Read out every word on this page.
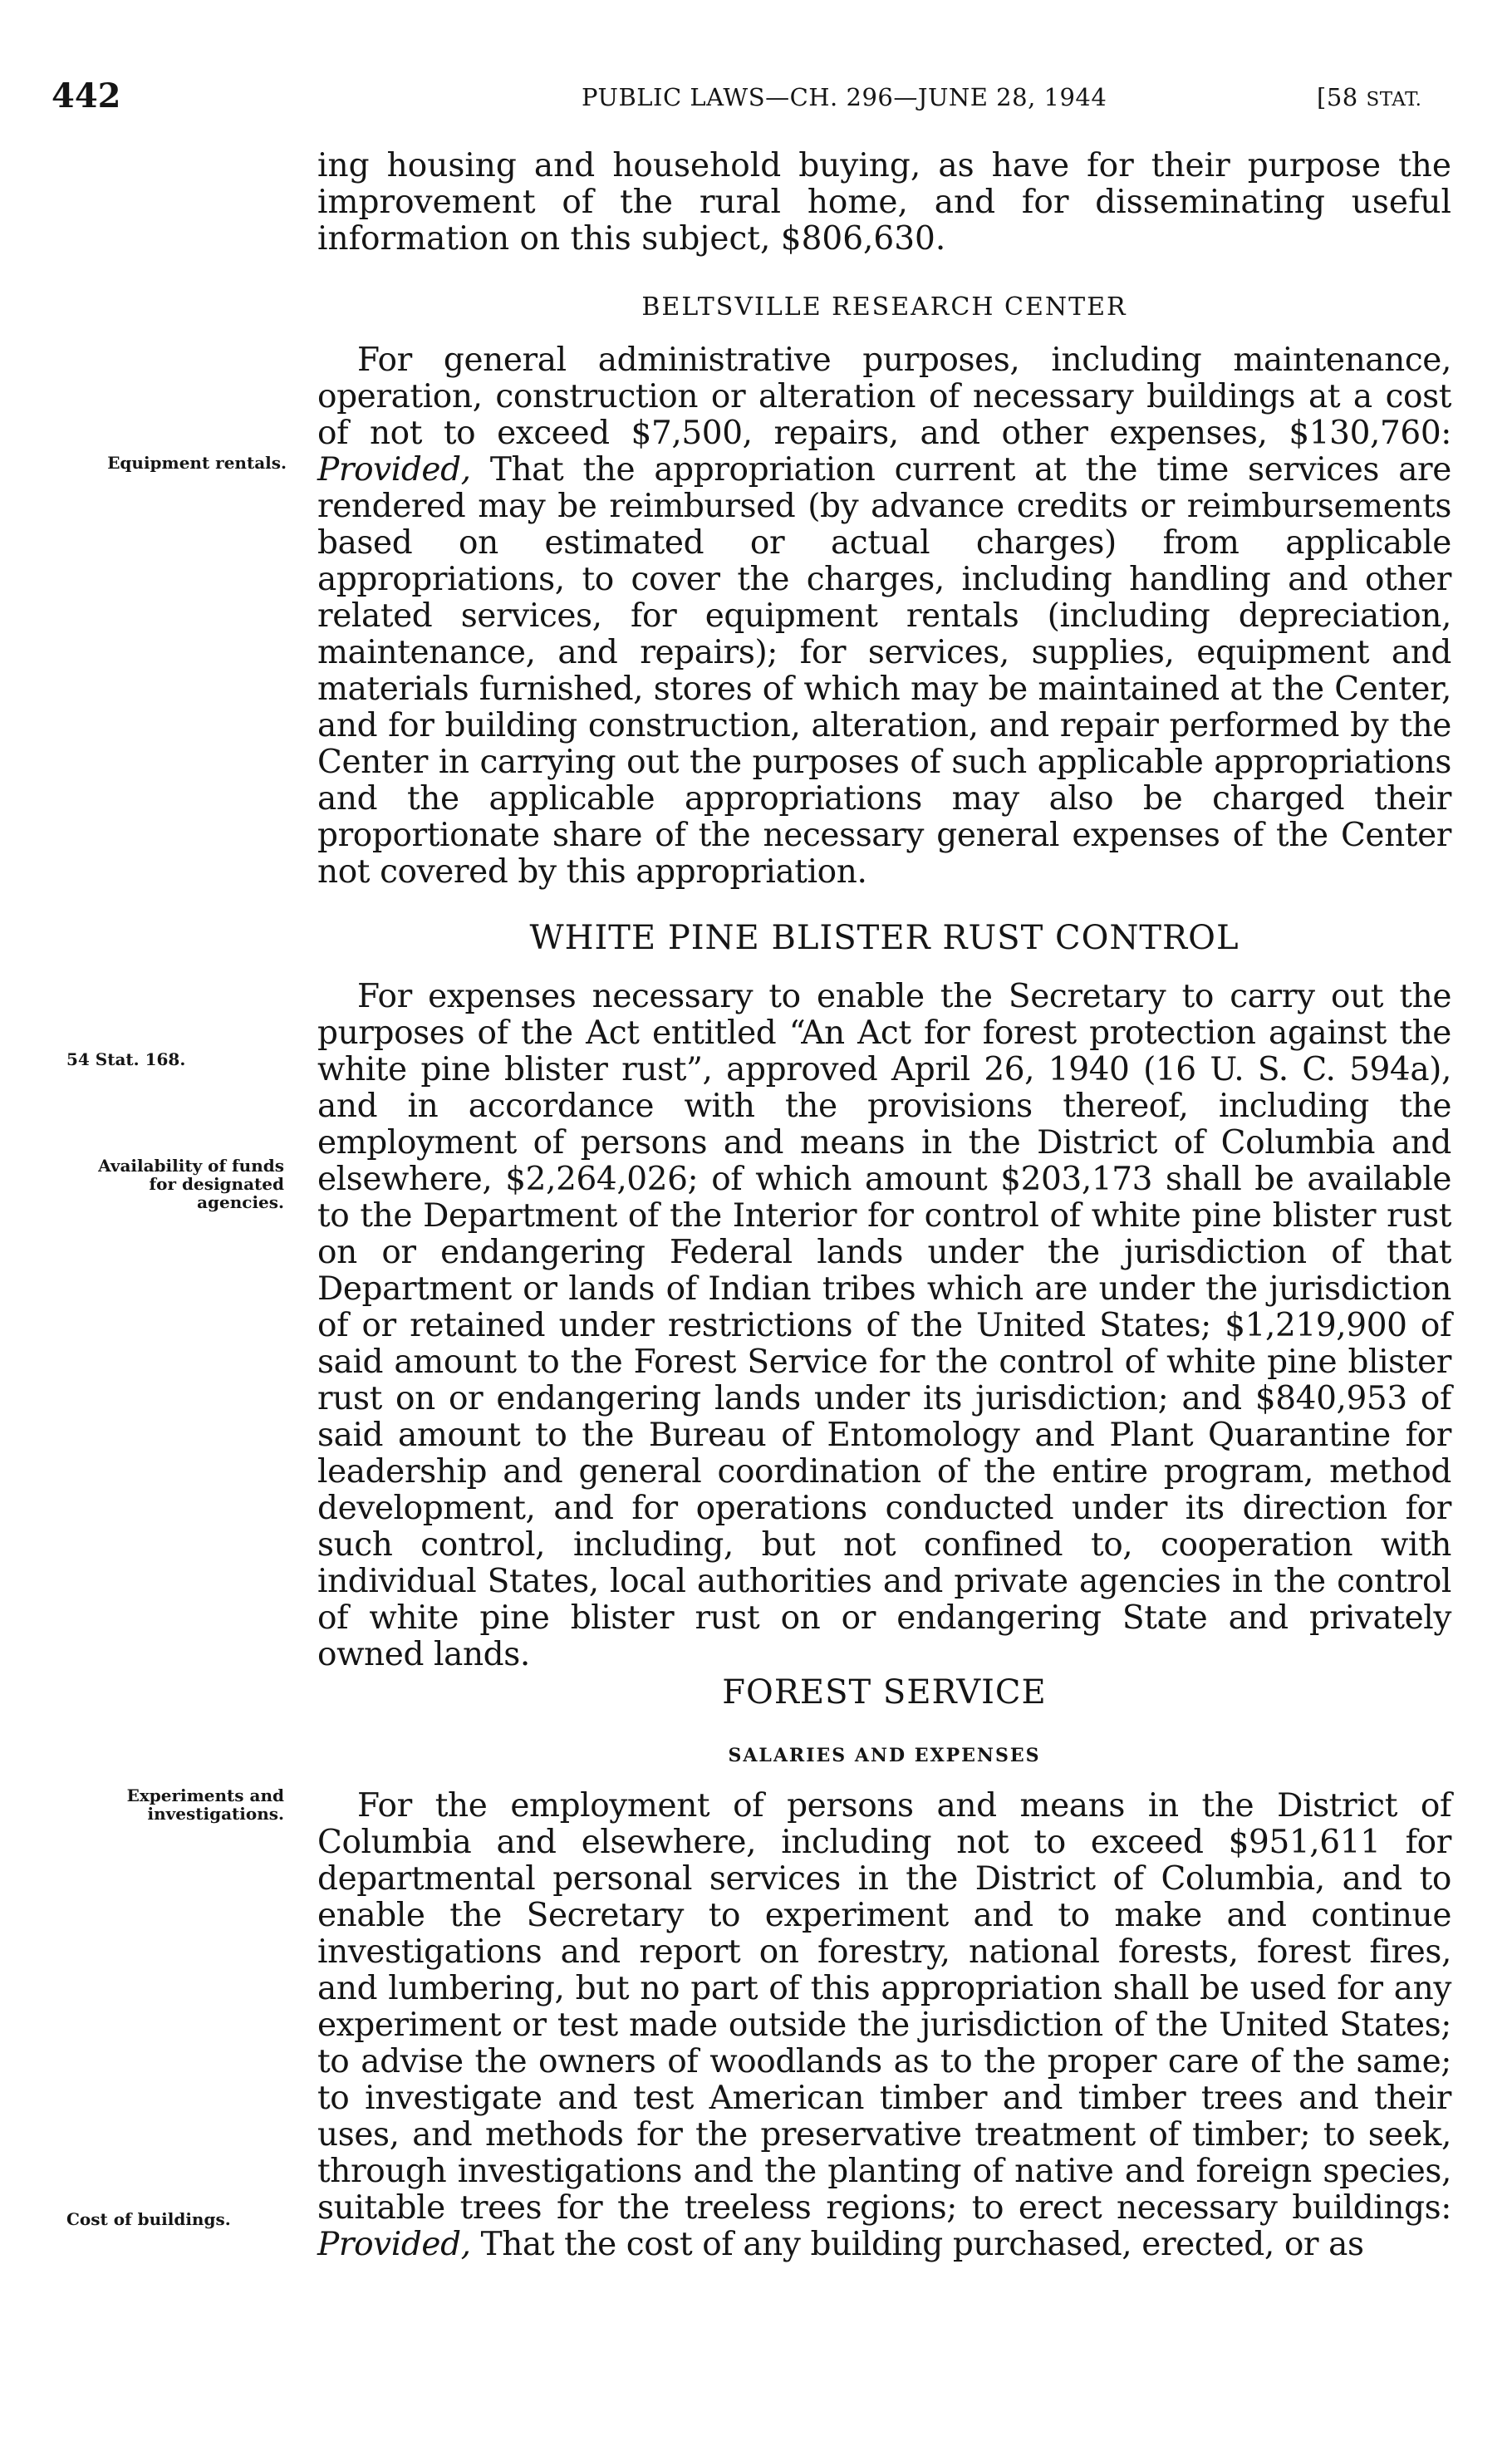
442	PUBLIC LAWS—CH. 296—JUNE 28, 1944	[58 STAT.
Equipment rentals.
54 Stat. 168.
Availability of funds for designated agencies.
Experiments and investigations.
Cost of buildings.

ing housing and household buying, as have for their purpose the improvement of the rural home, and for disseminating useful information on this subject, $806,630.

BELTSVILLE RESEARCH CENTER

For general administrative purposes, including maintenance, operation, construction or alteration of necessary buildings at a cost of not to exceed $7,500, repairs, and other expenses, $130,760: Provided, That the appropriation current at the time services are rendered may be reimbursed (by advance credits or reimbursements based on estimated or actual charges) from applicable appropriations, to cover the charges, including handling and other related services, for equipment rentals (including depreciation, maintenance, and repairs); for services, supplies, equipment and materials furnished, stores of which may be maintained at the Center, and for building construction, alteration, and repair performed by the Center in carrying out the purposes of such applicable appropriations and the applicable appropriations may also be charged their proportionate share of the necessary general expenses of the Center not covered by this appropriation.

WHITE PINE BLISTER RUST CONTROL

For expenses necessary to enable the Secretary to carry out the purposes of the Act entitled “An Act for forest protection against the white pine blister rust”, approved April 26, 1940 (16 U. S. C. 594a), and in accordance with the provisions thereof, including the employment of persons and means in the District of Columbia and elsewhere, $2,264,026; of which amount $203,173 shall be available to the Department of the Interior for control of white pine blister rust on or endangering Federal lands under the jurisdiction of that Department or lands of Indian tribes which are under the jurisdiction of or retained under restrictions of the United States; $1,219,900 of said amount to the Forest Service for the control of white pine blister rust on or endangering lands under its jurisdiction; and $840,953 of said amount to the Bureau of Entomology and Plant Quarantine for leadership and general coordination of the entire program, method development, and for operations conducted under its direction for such control, including, but not confined to, cooperation with individual States, local authorities and private agencies in the control of white pine blister rust on or endangering State and privately owned lands.

FOREST SERVICE
SALARIES AND EXPENSES

For the employment of persons and means in the District of Columbia and elsewhere, including not to exceed $951,611 for departmental personal services in the District of Columbia, and to enable the Secretary to experiment and to make and continue investigations and report on forestry, national forests, forest fires, and lumbering, but no part of this appropriation shall be used for any experiment or test made outside the jurisdiction of the United States; to advise the owners of woodlands as to the proper care of the same; to investigate and test American timber and timber trees and their uses, and methods for the preservative treatment of timber; to seek, through investigations and the planting of native and foreign species, suitable trees for the treeless regions; to erect necessary buildings: Provided, That the cost of any building purchased, erected, or as
